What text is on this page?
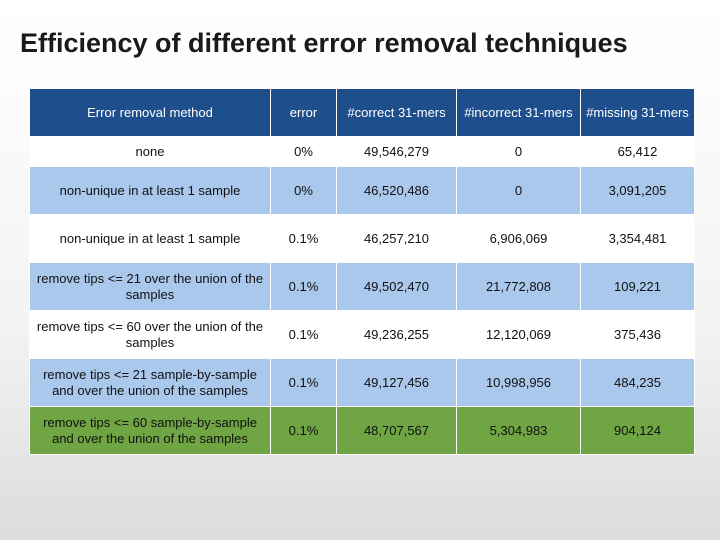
Efficiency of different error removal techniques
Error removal method	error	#correct 31-mers	#incorrect 31-mers	#missing 31-mers
none	0%	49,546,279	0	65,412
non-unique in at least 1 sample	0%	46,520,486	0	3,091,205
non-unique in at least 1 sample	0.1%	46,257,210	6,906,069	3,354,481
remove tips <= 21 over the union of the samples	0.1%	49,502,470	21,772,808	109,221
remove tips <= 60 over the union of the samples	0.1%	49,236,255	12,120,069	375,436
remove tips <= 21 sample-by-sample and over the union of the samples	0.1%	49,127,456	10,998,956	484,235
remove tips <= 60 sample-by-sample and over the union of the samples	0.1%	48,707,567	5,304,983	904,124
